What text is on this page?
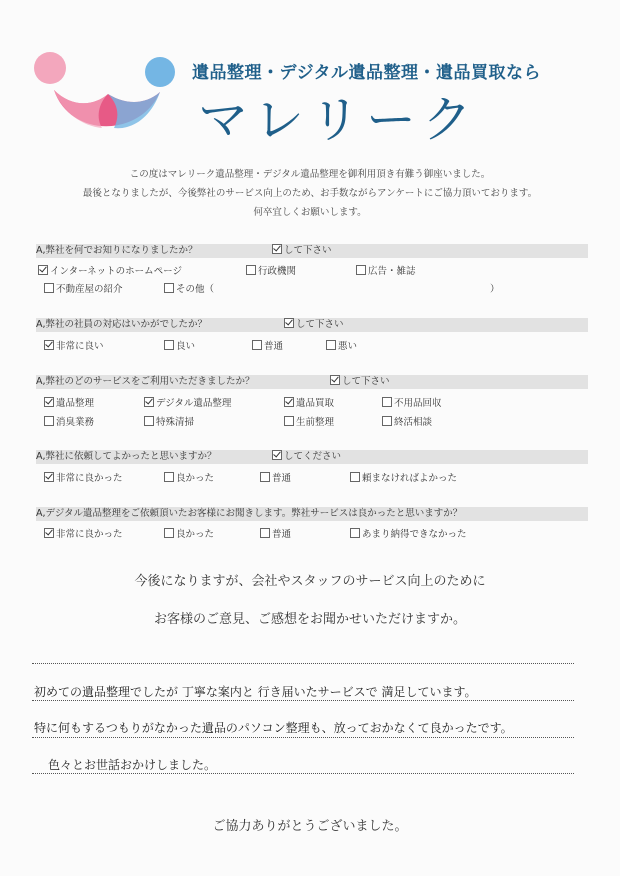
遺品整理・デジタル遺品整理・遺品買取なら
マレリーク
この度はマレリーク遺品整理・デジタル遺品整理を御利用頂き有難う御座いました。
最後となりましたが、今後弊社のサービス向上のため、お手数ながらアンケートにご協力頂いております。
何卒宜しくお願いします。
A,弊社を何でお知りになりましたか？	して下さい
インターネットのホームページ	行政機関	広告・雑誌
不動産屋の紹介	その他（	）
A,弊社の社員の対応はいかがでしたか？	して下さい
非常に良い	良い	普通	悪い
A,弊社のどのサービスをご利用いただきましたか？	して下さい
遺品整理	デジタル遺品整理	遺品買取	不用品回収
消臭業務	特殊清掃	生前整理	終活相談
A,弊社に依頼してよかったと思いますか？	してください
非常に良かった	良かった	普通	頼まなければよかった
A,デジタル遺品整理をご依頼頂いたお客様にお聞きします。弊社サービスは良かったと思いますか？
非常に良かった	良かった	普通	あまり納得できなかった
今後になりますが、会社やスタッフのサービス向上のために
お客様のご意見、ご感想をお聞かせいただけますか。
初めての遺品整理でしたが 丁寧な案内と 行き届いたサービスで 満足しています。
特に何もするつもりがなかった遺品のパソコン整理も、放っておかなくて良かったです。
色々とお世話おかけしました。
ご協力ありがとうございました。
